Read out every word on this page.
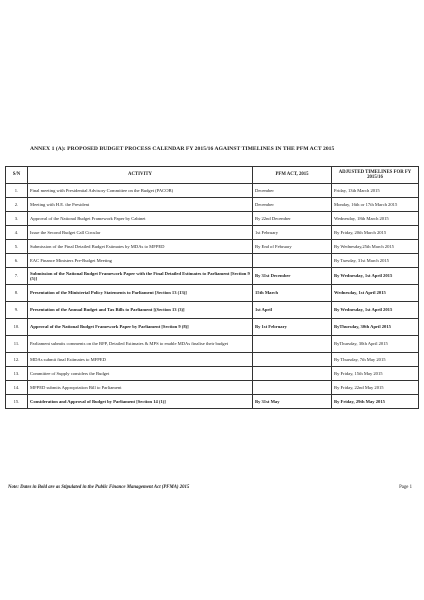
ANNEX 1 (A): PROPOSED BUDGET PROCESS CALENDAR FY 2015/16 AGAINST TIMELINES IN THE PFM ACT 2015
S/N	ACTIVITY	PFM ACT, 2015	ADJUSTED TIMELINES FOR FY 2015/16
1.	Final meeting with Presidential Advisory Committee on the Budget (PACOB)	December	Friday, 13th March 2015
2.	Meeting with H.E. the President	December	Monday, 16th or 17th March 2015
3.	Approval of the National Budget Framework Paper by Cabinet	By 22nd December	Wednesday, 18th March 2015
4.	Issue the Second Budget Call Circular	1st February	By Friday, 20th March 2015
5.	Submission of the Final Detailed Budget Estimates by MDAs to MFPED	By End of February	By Wednesday,25th March 2015
6.	EAC Finance Ministers Pre-Budget Meeting		By Tuesday, 31st March 2015
7.	Submission of the National Budget Framework Paper with the Final Detailed Estimates to Parliament [Section 9 (5)]	By 31st December	By Wednesday, 1st April 2015
8.	Presentation of the Ministerial Policy Statements to Parliament [Section 13 (13)]	15th March	Wednesday, 1st April 2015
9.	Presentation of the Annual Budget and Tax Bills to Parliament [(Section 13 (3)]	1st April	By Wednesday, 1st April 2015
10.	Approval of the National Budget Framework Paper by Parliament [Section 9 (8)]	By 1st February	ByThursday, 30th April 2015
11.	Parliament submits comments on the BFP, Detailed Estimates & MPS to enable MDAs finalise their budget		ByThursday, 30th April 2015
12.	MDAs submit final Estimates to MFPED		By Thursday, 7th May 2015
13.	Committee of Supply considers the Budget		By Friday, 15th May 2015
14.	MFPED submits Appropriation Bill to Parliament		By Friday, 22nd May 2015
15.	Consideration and Approval of Budget by Parliament [Section 14 (1)]	By 31st May	By Friday, 29th May 2015
Note: Dates in Bold are as Stipulated in the Public Finance Management Act (PFMA) 2015	Page 1
